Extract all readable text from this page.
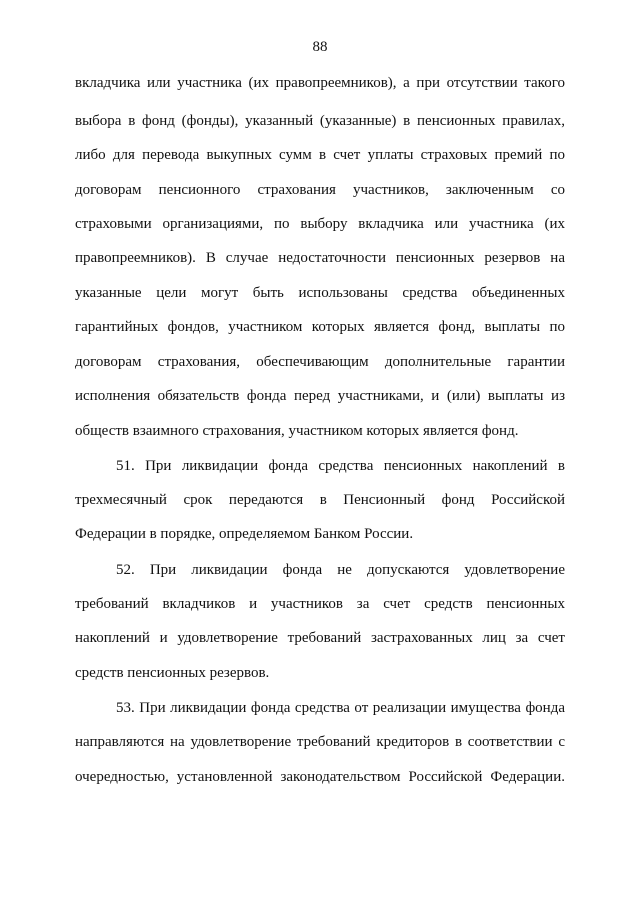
88
вкладчика или участника (их правопреемников), а при отсутствии такого
выбора в фонд (фонды), указанный (указанные) в пенсионных правилах,
либо для перевода выкупных сумм в счет уплаты страховых премий по
договорам пенсионного страхования участников, заключенным со
страховыми организациями, по выбору вкладчика или участника (их
правопреемников). В случае недостаточности пенсионных резервов на
указанные цели могут быть использованы средства объединенных
гарантийных фондов, участником которых является фонд, выплаты по
договорам страхования, обеспечивающим дополнительные гарантии
исполнения обязательств фонда перед участниками, и (или) выплаты из
обществ взаимного страхования, участником которых является фонд.
51. При ликвидации фонда средства пенсионных накоплений в
трехмесячный срок передаются в Пенсионный фонд Российской
Федерации в порядке, определяемом Банком России.
52. При ликвидации фонда не допускаются удовлетворение
требований вкладчиков и участников за счет средств пенсионных
накоплений и удовлетворение требований застрахованных лиц за счет
средств пенсионных резервов.
53. При ликвидации фонда средства от реализации имущества фонда
направляются на удовлетворение требований кредиторов в соответствии с
очередностью, установленной законодательством Российской Федерации.
